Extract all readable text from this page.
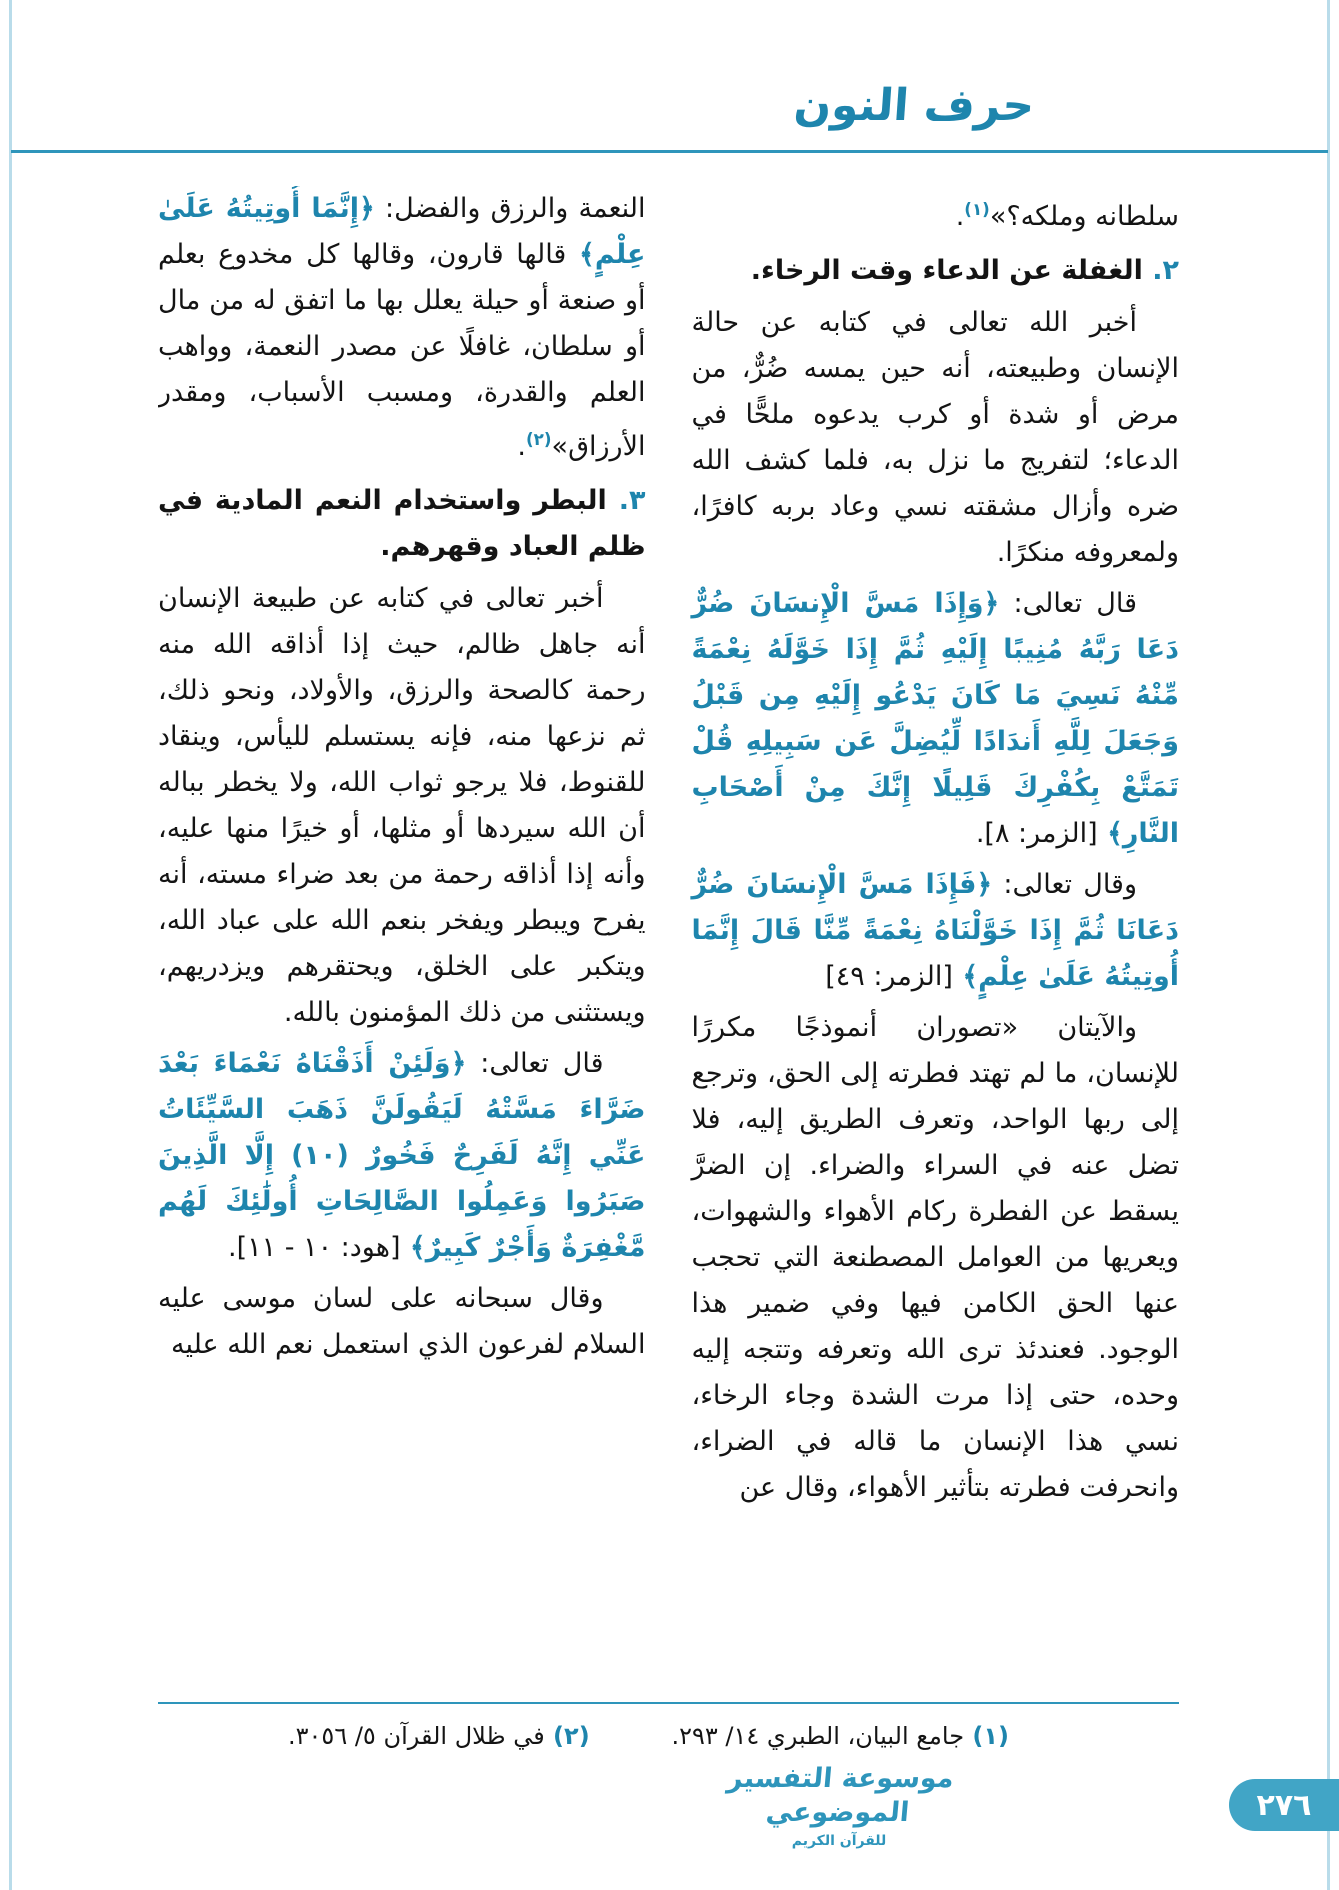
حرف النون

سلطانه وملكه؟»$^{(١)}$.

٢. الغفلة عن الدعاء وقت الرخاء.

أخبر الله تعالى في كتابه عن حالة الإنسان وطبيعته، أنه حين يمسه ضُرٌّ، من مرض أو شدة أو كرب يدعوه ملحًّا في الدعاء؛ لتفريج ما نزل به، فلما كشف الله ضره وأزال مشقته نسي وعاد بربه كافرًا، ولمعروفه منكرًا.

قال تعالى: ﴿وَإِذَا مَسَّ الْإِنسَانَ ضُرٌّ دَعَا رَبَّهُ مُنِيبًا إِلَيْهِ ثُمَّ إِذَا خَوَّلَهُ نِعْمَةً مِّنْهُ نَسِيَ مَا كَانَ يَدْعُو إِلَيْهِ مِن قَبْلُ وَجَعَلَ لِلَّهِ أَندَادًا لِّيُضِلَّ عَن سَبِيلِهِ قُلْ تَمَتَّعْ بِكُفْرِكَ قَلِيلًا إِنَّكَ مِنْ أَصْحَابِ النَّارِ﴾ [الزمر: ٨].

وقال تعالى: ﴿فَإِذَا مَسَّ الْإِنسَانَ ضُرٌّ دَعَانَا ثُمَّ إِذَا خَوَّلْنَاهُ نِعْمَةً مِّنَّا قَالَ إِنَّمَا أُوتِيتُهُ عَلَىٰ عِلْمٍ﴾ [الزمر: ٤٩]

والآيتان «تصوران أنموذجًا مكررًا للإنسان، ما لم تهتد فطرته إلى الحق، وترجع إلى ربها الواحد، وتعرف الطريق إليه، فلا تضل عنه في السراء والضراء. إن الضرَّ يسقط عن الفطرة ركام الأهواء والشهوات، ويعريها من العوامل المصطنعة التي تحجب عنها الحق الكامن فيها وفي ضمير هذا الوجود. فعندئذ ترى الله وتعرفه وتتجه إليه وحده، حتى إذا مرت الشدة وجاء الرخاء، نسي هذا الإنسان ما قاله في الضراء، وانحرفت فطرته بتأثير الأهواء، وقال عن

النعمة والرزق والفضل: ﴿إِنَّمَا أُوتِيتُهُ عَلَىٰ عِلْمٍ﴾ قالها قارون، وقالها كل مخدوع بعلم أو صنعة أو حيلة يعلل بها ما اتفق له من مال أو سلطان، غافلًا عن مصدر النعمة، وواهب العلم والقدرة، ومسبب الأسباب، ومقدر الأرزاق»$^{(٢)}$.

٣. البطر واستخدام النعم المادية في ظلم العباد وقهرهم.

أخبر تعالى في كتابه عن طبيعة الإنسان أنه جاهل ظالم، حيث إذا أذاقه الله منه رحمة كالصحة والرزق، والأولاد، ونحو ذلك، ثم نزعها منه، فإنه يستسلم لليأس، وينقاد للقنوط، فلا يرجو ثواب الله، ولا يخطر بباله أن الله سيردها أو مثلها، أو خيرًا منها عليه، وأنه إذا أذاقه رحمة من بعد ضراء مسته، أنه يفرح ويبطر ويفخر بنعم الله على عباد الله، ويتكبر على الخلق، ويحتقرهم ويزدريهم، ويستثنى من ذلك المؤمنون بالله.

قال تعالى: ﴿وَلَئِنْ أَذَقْنَاهُ نَعْمَاءَ بَعْدَ ضَرَّاءَ مَسَّتْهُ لَيَقُولَنَّ ذَهَبَ السَّيِّئَاتُ عَنِّي إِنَّهُ لَفَرِحٌ فَخُورٌ (١٠) إِلَّا الَّذِينَ صَبَرُوا وَعَمِلُوا الصَّالِحَاتِ أُولَٰئِكَ لَهُم مَّغْفِرَةٌ وَأَجْرٌ كَبِيرٌ﴾ [هود: ١٠ - ١١].

وقال سبحانه على لسان موسى عليه السلام لفرعون الذي استعمل نعم الله عليه

(١) جامع البيان، الطبري ١٤/ ٢٩٣.
(٢) في ظلال القرآن ٥/ ٣٠٥٦.
موسوعة التفسير الموضوعي
للقرآن الكريم
٢٧٦
